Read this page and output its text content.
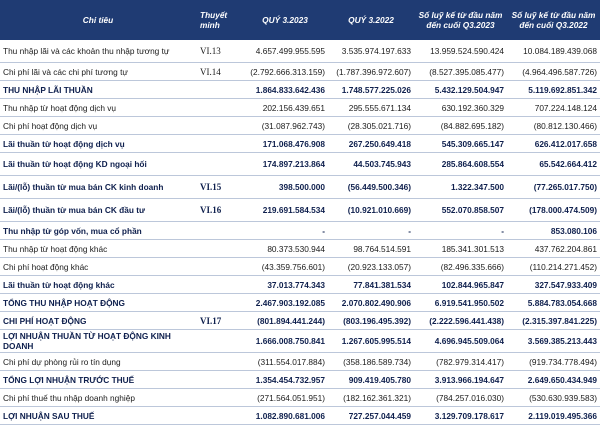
Chỉ tiêu	Thuyết minh	QUÝ 3.2023	QUÝ 3.2022	Số luỹ kế từ đầu năm đến cuối Q3.2023	Số luỹ kế từ đầu năm đến cuối Q3.2022
Thu nhập lãi và các khoản thu nhập tương tự	VI.13	4.657.499.955.595	3.535.974.197.633	13.959.524.590.424	10.084.189.439.068
Chi phí lãi và các chi phí tương tự	VI.14	(2.792.666.313.159)	(1.787.396.972.607)	(8.527.395.085.477)	(4.964.496.587.726)
THU NHẬP LÃI THUẦN		1.864.833.642.436	1.748.577.225.026	5.432.129.504.947	5.119.692.851.342
Thu nhập từ hoạt động dịch vụ		202.156.439.651	295.555.671.134	630.192.360.329	707.224.148.124
Chi phí hoạt động dịch vụ		(31.087.962.743)	(28.305.021.716)	(84.882.695.182)	(80.812.130.466)
Lãi thuần từ hoạt động dịch vụ		171.068.476.908	267.250.649.418	545.309.665.147	626.412.017.658
Lãi thuần từ hoạt động KD ngoại hối		174.897.213.864	44.503.745.943	285.864.608.554	65.542.664.412
Lãi/(lỗ) thuần từ mua bán CK kinh doanh	VI.15	398.500.000	(56.449.500.346)	1.322.347.500	(77.265.017.750)
Lãi/(lỗ) thuần từ mua bán CK đầu tư	VI.16	219.691.584.534	(10.921.010.669)	552.070.858.507	(178.000.474.509)
Thu nhập từ góp vốn, mua cổ phần		-	-	-	853.080.106
Thu nhập từ hoạt động khác		80.373.530.944	98.764.514.591	185.341.301.513	437.762.204.861
Chi phí hoạt động khác		(43.359.756.601)	(20.923.133.057)	(82.496.335.666)	(110.214.271.452)
Lãi thuần từ hoạt động khác		37.013.774.343	77.841.381.534	102.844.965.847	327.547.933.409
TỔNG THU NHẬP HOẠT ĐỘNG		2.467.903.192.085	2.070.802.490.906	6.919.541.950.502	5.884.783.054.668
CHI PHÍ HOẠT ĐỘNG	VI.17	(801.894.441.244)	(803.196.495.392)	(2.222.596.441.438)	(2.315.397.841.225)
LỢI NHUẬN THUẦN TỪ HOẠT ĐỘNG KINH DOANH		1.666.008.750.841	1.267.605.995.514	4.696.945.509.064	3.569.385.213.443
Chi phí dự phòng rủi ro tín dụng		(311.554.017.884)	(358.186.589.734)	(782.979.314.417)	(919.734.778.494)
TỔNG LỢI NHUẬN TRƯỚC THUẾ		1.354.454.732.957	909.419.405.780	3.913.966.194.647	2.649.650.434.949
Chi phí thuế thu nhập doanh nghiệp		(271.564.051.951)	(182.162.361.321)	(784.257.016.030)	(530.630.939.583)
LỢI NHUẬN SAU THUẾ		1.082.890.681.006	727.257.044.459	3.129.709.178.617	2.119.019.495.366
